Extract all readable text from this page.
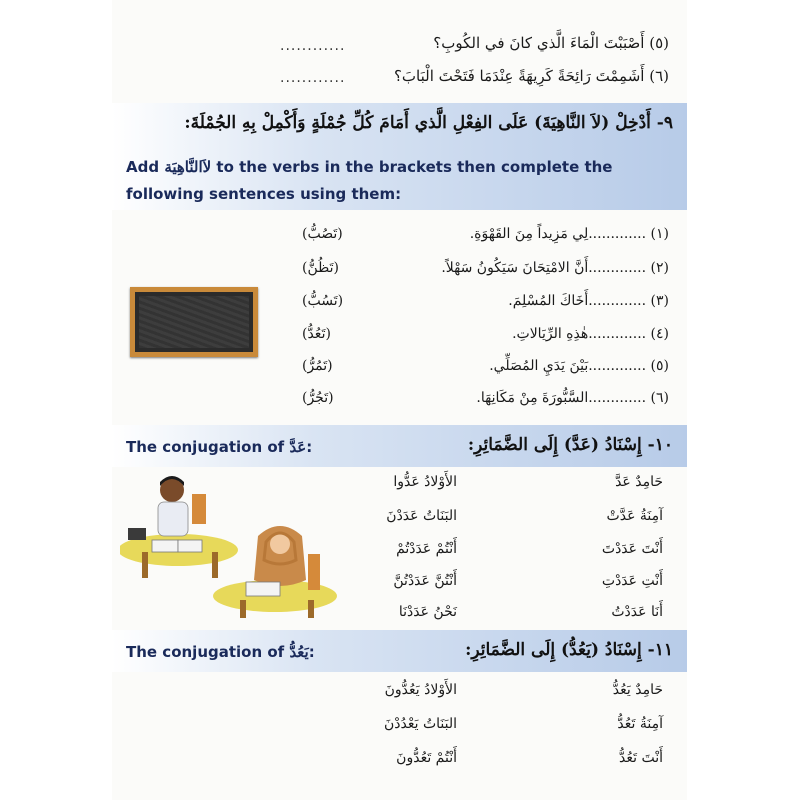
(٥) أَصْبَبْتَ الْمَاءَ الَّذي كانَ في الكُوبِ؟
............
(٦) أَشَمِمْتَ رَائِحَةً كَرِيهَةً عِنْدَمَا فَتَحْتَ الْبَابَ؟
............
٩- أَدْخِلْ (لاَ النَّاهِيَةَ) عَلَى الفِعْلِ الَّذي أَمَامَ كُلِّ جُمْلَةٍ وَأَكْمِلْ بِهِ الجُمْلَةَ:
Add لاَالنَّاهِيَة to the verbs in the brackets then complete the
following sentences using them:
(١) .............لِي مَزِيداً مِنَ القَهْوَةِ.
(تَصُبُّ)
(٢) .............أَنَّ الامْتِحَانَ سَيَكُونُ سَهْلاً.
(تَظُنُّ)
(٣) .............أَخَاكَ المُسْلِمَ.
(تَسُبُّ)
(٤) .............هٰذِهِ الرِّيَالاتِ.
(تَعُدُّ)
(٥) .............بَيْنَ يَدَيِ المُصَلِّي.
(تَمُرُّ)
(٦) .............السَّبُّورَةَ مِنْ مَكَانِهَا.
(تَجُرُّ)
١٠- إِسْنَادُ (عَدَّ) إِلَى الضَّمَائِرِ:
The conjugation of عَدَّ:
حَامِدٌ عَدَّ
آمِنَةُ عَدَّتْ
أَنْتَ عَدَدْتَ
أَنْتِ عَدَدْتِ
أَنَا عَدَدْتُ
الأَوْلادُ عَدُّوا
البَنَاتُ عَدَدْنَ
أَنْتُمْ عَدَدْتُمْ
أَنْتُنَّ عَدَدْتُنَّ
نَحْنُ عَدَدْنَا
١١- إِسْنَادُ (يَعُدُّ) إِلَى الضَّمَائِرِ:
The conjugation of يَعُدُّ:
حَامِدٌ يَعُدُّ
آمِنَةُ تَعُدُّ
أَنْتَ تَعُدُّ
الأَوْلادُ يَعُدُّونَ
البَنَاتُ يَعْدُدْنَ
أَنْتُمْ تَعُدُّونَ
